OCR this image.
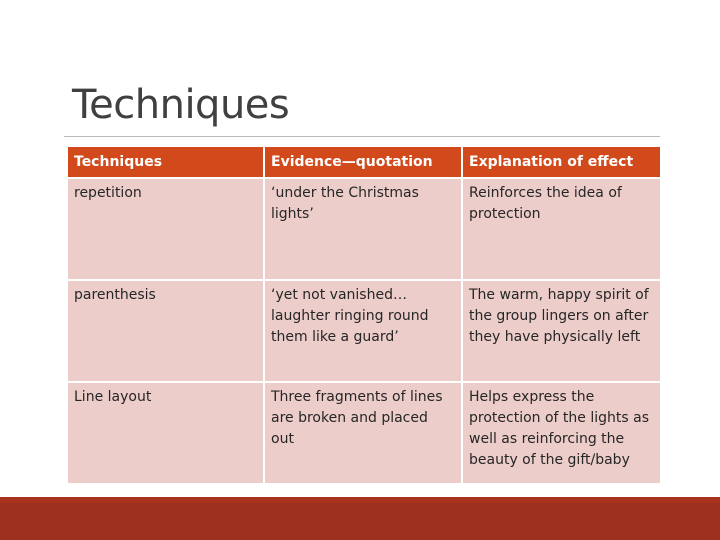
Techniques
Techniques	Evidence—quotation	Explanation of effect
repetition	‘under the Christmas lights’	Reinforces the idea of protection
parenthesis	‘yet not vanished…laughter ringing round them like a guard’	The warm, happy spirit of the group lingers on after they have physically left
Line layout	Three fragments of lines are broken and placed out	Helps express the protection of the lights as well as reinforcing the beauty of the gift/baby
